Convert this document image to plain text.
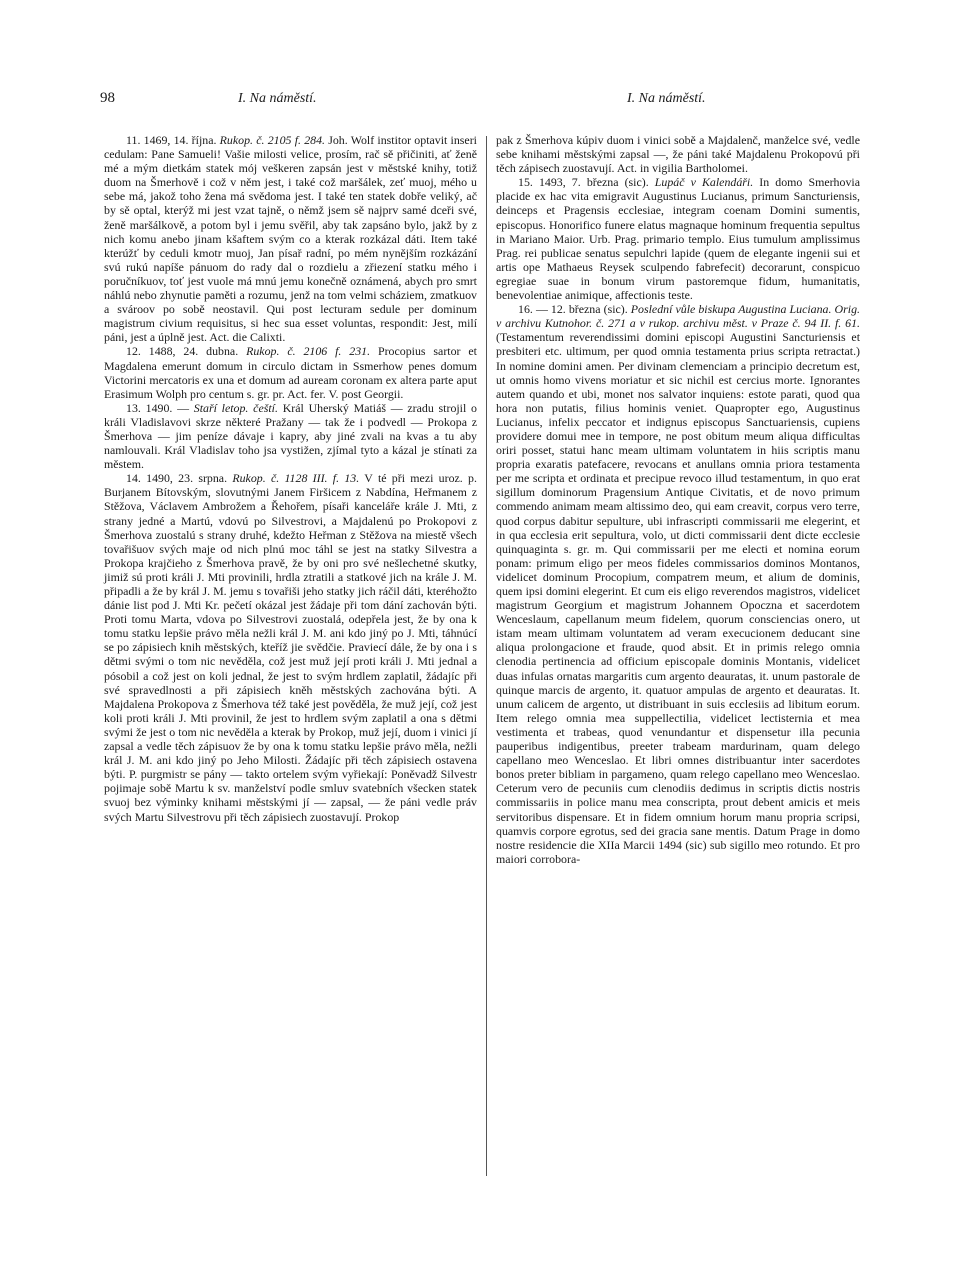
98	I. Na náměstí.	I. Na náměstí.

11. 1469, 14. října. Rukop. č. 2105 f. 284. Joh. Wolf institor optavit inseri cedulam: Pane Samueli! Vašie milosti velice, prosím, rač sě přičiniti, ať ženě mé a mým dietkám statek mój veškeren zapsán jest v městské knihy, totiž duom na Šmerhově i což v něm jest, i také což maršálek, zeť muoj, mého u sebe má, jakož toho žena má svědoma jest. I také ten statek dobře veliký, ač by sě optal, kterýž mi jest vzat tajně, o němž jsem sě najprv samé dceři své, ženě maršálkově, a potom byl i jemu svěřil, aby tak zapsáno bylo, jakž by z nich komu anebo jinam kšaftem svým co a kterak rozkázal dáti. Item také kterúžť by ceduli kmotr muoj, Jan písař radní, po mém nynějším rozkázání svú rukú napíše pánuom do rady dal o rozdielu a zřiezení statku mého i poručníkuov, toť jest vuole má mnú jemu konečně oznámená, abych pro smrt náhlú nebo zhynutie paměti a rozumu, jenž na tom velmi scháziem, zmatkuov a svároov po sobě neostavil. Qui post lecturam sedule per dominum magistrum civium requisitus, si hec sua esset voluntas, respondit: Jest, milí páni, jest a úplně jest. Act. die Calixti.

12. 1488, 24. dubna. Rukop. č. 2106 f. 231. Procopius sartor et Magdalena emerunt domum in circulo dictam in Ssmerhow penes domum Victorini mercatoris ex una et domum ad auream coronam ex altera parte aput Erasimum Wolph pro centum s. gr. pr. Act. fer. V. post Georgii.

13. 1490. — Staří letop. čeští. Král Uherský Matiáš — zradu strojil o králi Vladislavovi skrze některé Pražany — tak že i podvedl — Prokopa z Šmerhova — jim peníze dávaje i kapry, aby jiné zvali na kvas a tu aby namlouvali. Král Vladislav toho jsa vystižen, zjímal tyto a kázal je stínati za městem.

14. 1490, 23. srpna. Rukop. č. 1128 III. f. 13. V té při mezi uroz. p. Burjanem Bítovským, slovutnými Janem Firšicem z Nabdína, Heřmanem z Stěžova, Václavem Ambrožem a Řehořem, písaři kanceláře krále J. Mti, z strany jedné a Martú, vdovú po Silvestrovi, a Majdalenú po Prokopovi z Šmerhova zuostalú s strany druhé, kdežto Heřman z Stěžova na miestě všech tovařišuov svých maje od nich plnú moc táhl se jest na statky Silvestra a Prokopa krajčieho z Šmerhova pravě, že by oni pro své nešlechetné skutky, jimiž sú proti králi J. Mti provinili, hrdla ztratili a statkové jich na krále J. M. připadli a že by král J. M. jemu s tovařiši jeho statky jich ráčil dáti, kteréhožto dánie list pod J. Mti Kr. pečetí okázal jest žádaje při tom dání zachován býti. Proti tomu Marta, vdova po Silvestrovi zuostalá, odepřela jest, že by ona k tomu statku lepšie právo měla nežli král J. M. ani kdo jiný po J. Mti, táhnúcí se po zápisiech knih městských, kteříž jie svědčie. Praviecí dále, že by ona i s dětmi svými o tom nic nevěděla, což jest muž její proti králi J. Mti jednal a pósobil a což jest on koli jednal, že jest to svým hrdlem zaplatil, žádajíc při své spravedlnosti a při zápisiech kněh městských zachována býti. A Majdalena Prokopova z Šmerhova též také jest pověděla, že muž její, což jest koli proti králi J. Mti provinil, že jest to hrdlem svým zaplatil a ona s dětmi svými že jest o tom nic nevěděla a kterak by Prokop, muž její, duom i vinici jí zapsal a vedle těch zápisuov že by ona k tomu statku lepšie právo měla, nežli král J. M. ani kdo jiný po Jeho Milosti. Žádajíc při těch zápisiech ostavena býti. P. purgmistr se pány — takto ortelem svým vyřiekají: Poněvadž Silvestr pojimaje sobě Martu k sv. manželství podle smluv svatebních všecken statek svuoj bez výminky knihami městskými jí — zapsal, — že páni vedle práv svých Martu Silvestrovu při těch zápisiech zuostavují. Prokop

pak z Šmerhova kúpiv duom i vinici sobě a Majdalenč, manželce své, vedle sebe knihami městskými zapsal —, že páni také Majdalenu Prokopovú při těch zápisech zuostavují. Act. in vigilia Bartholomei.

15. 1493, 7. března (sic). Lupáč v Kalendáři. In domo Smerhovia placide ex hac vita emigravit Augustinus Lucianus, primum Sancturiensis, deinceps et Pragensis ecclesiae, integram coenam Domini sumentis, episcopus. Honorifico funere elatus magnaque hominum frequentia sepultus in Mariano Maior. Urb. Prag. primario templo. Eius tumulum amplissimus Prag. rei publicae senatus sepulchri lapide (quem de elegante ingenii sui et artis ope Mathaeus Reysek sculpendo fabrefecit) decorarunt, conspicuo egregiae suae in bonum virum pastoremque fidum, humanitatis, benevolentiae animique, affectionis teste.

16. — 12. března (sic). Poslední vůle biskupa Augustina Luciana. Orig. v archivu Kutnohor. č. 271 a v rukop. archivu měst. v Praze č. 94 II. f. 61. (Testamentum reverendissimi domini episcopi Augustini Sancturiensis et presbiteri etc. ultimum, per quod omnia testamenta prius scripta retractat.) In nomine domini amen. Per divinam clemenciam a principio decretum est, ut omnis homo vivens moriatur et sic nichil est cercius morte. Ignorantes autem quando et ubi, monet nos salvator inquiens: estote parati, quod qua hora non putatis, filius hominis veniet. Quapropter ego, Augustinus Lucianus, infelix peccator et indignus episcopus Sanctuariensis, cupiens providere domui mee in tempore, ne post obitum meum aliqua difficultas oriri posset, statui hanc meam ultimam voluntatem in hiis scriptis manu propria exaratis patefacere, revocans et anullans omnia priora testamenta per me scripta et ordinata et precipue revoco illud testamentum, in quo erat sigillum dominorum Pragensium Antique Civitatis, et de novo primum commendo animam meam altissimo deo, qui eam creavit, corpus vero terre, quod corpus dabitur sepulture, ubi infrascripti commissarii me elegerint, et in qua ecclesia erit sepultura, volo, ut dicti commissarii dent dicte ecclesie quinquaginta s. gr. m. Qui commissarii per me electi et nomina eorum ponam: primum eligo per meos fideles commissarios dominos Montanos, videlicet dominum Procopium, compatrem meum, et alium de dominis, quem ipsi domini elegerint. Et cum eis eligo reverendos magistros, videlicet magistrum Georgium et magistrum Johannem Opoczna et sacerdotem Wenceslaum, capellanum meum fidelem, quorum consciencias onero, ut istam meam ultimam voluntatem ad veram execucionem deducant sine aliqua prolongacione et fraude, quod absit. Et in primis relego omnia clenodia pertinencia ad officium episcopale dominis Montanis, videlicet duas infulas ornatas margaritis cum argento deauratas, it. unum pastorale de quinque marcis de argento, it. quatuor ampulas de argento et deauratas. It. unum calicem de argento, ut distribuant in suis ecclesiis ad libitum eorum. Item relego omnia mea suppellectilia, videlicet lectisternia et mea vestimenta et trabeas, quod venundantur et dispensetur illa pecunia pauperibus indigentibus, preeter trabeam mardurinam, quam delego capellano meo Wenceslao. Et libri omnes distribuantur inter sacerdotes bonos preter bibliam in pargameno, quam relego capellano meo Wenceslao. Ceterum vero de pecuniis cum clenodiis dedimus in scriptis dictis nostris commissariis in police manu mea conscripta, prout debent amicis et meis servitoribus dispensare. Et in fidem omnium horum manu propria scripsi, quamvis corpore egrotus, sed dei gracia sane mentis. Datum Prage in domo nostre residencie die XIIa Marcii 1494 (sic) sub sigillo meo rotundo. Et pro maiori corrobora-
